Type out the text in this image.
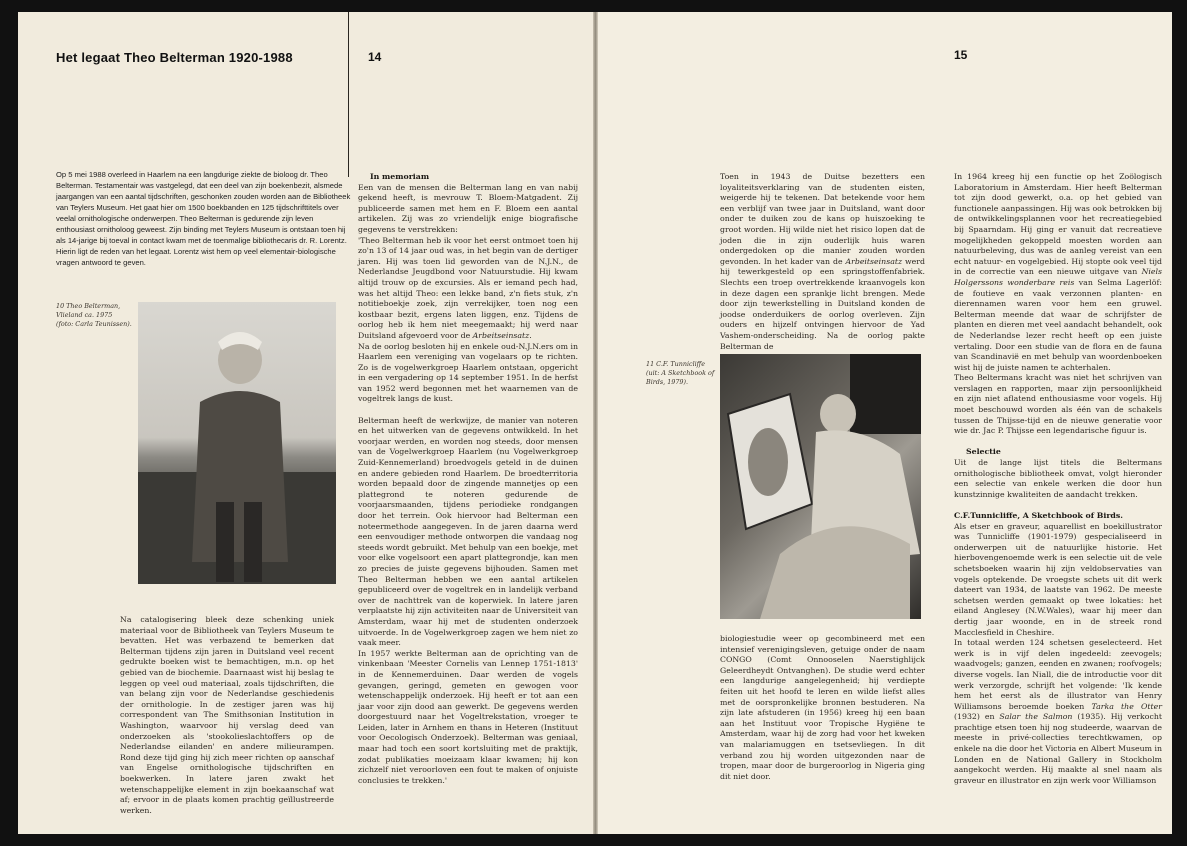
Het legaat Theo Belterman 1920-1988	14
Op 5 mei 1988 overleed in Haarlem na een langdurige ziekte de bioloog dr. Theo Belterman. Testamentair was vastgelegd, dat een deel van zijn boekenbezit, alsmede jaargangen van een aantal tijdschriften, geschonken zouden worden aan de Bibliotheek van Teylers Museum. Het gaat hier om 1500 boekbanden en 125 tijdschrifttitels over veelal ornithologische onderwerpen. Theo Belterman is gedurende zijn leven enthousiast ornitholoog geweest. Zijn binding met Teylers Museum is ontstaan toen hij als 14-jarige bij toeval in contact kwam met de toenmalige bibliothecaris dr. R. Lorentz. Hierin ligt de reden van het legaat. Lorentz wist hem op veel elementair-biologische vragen antwoord te geven.
10 Theo Belterman,
Vlieland ca. 1975
(foto: Carla Teunissen).
Na catalogisering bleek deze schenking uniek materiaal voor de Bibliotheek van Teylers Museum te bevatten. Het was verbazend te bemerken dat Belterman tijdens zijn jaren in Duitsland veel recent gedrukte boeken wist te bemachtigen, m.n. op het gebied van de biochemie. Daarnaast wist hij beslag te leggen op veel oud materiaal, zoals tijdschriften, die van belang zijn voor de Nederlandse geschiedenis der ornithologie. In de zestiger jaren was hij correspondent van The Smithsonian Institution in Washington, waarvoor hij verslag deed van onderzoeken als 'stookolieslachtoffers op de Nederlandse eilanden' en andere milieurampen. Rond deze tijd ging hij zich meer richten op aanschaf van Engelse ornithologische tijdschriften en boekwerken. In latere jaren zwakt het wetenschappelijke element in zijn boekaanschaf wat af; ervoor in de plaats komen prachtig geïllustreerde werken.

In memoriam

Een van de mensen die Belterman lang en van nabij gekend heeft, is mevrouw T. Bloem-Matgadent. Zij publiceerde samen met hem en F. Bloem een aantal artikelen. Zij was zo vriendelijk enige biografische gegevens te verstrekken:

'Theo Belterman heb ik voor het eerst ontmoet toen hij zo'n 13 of 14 jaar oud was, in het begin van de dertiger jaren. Hij was toen lid geworden van de N.J.N., de Nederlandse Jeugdbond voor Natuurstudie. Hij kwam altijd trouw op de excursies. Als er iemand pech had, was het altijd Theo: een lekke band, z'n fiets stuk, z'n notitieboekje zoek, zijn verrekijker, toen nog een kostbaar bezit, ergens laten liggen, enz. Tijdens de oorlog heb ik hem niet meegemaakt; hij werd naar Duitsland afgevoerd voor de Arbeitseinsatz.

Na de oorlog besloten hij en enkele oud-N.J.N.ers om in Haarlem een vereniging van vogelaars op te richten. Zo is de vogelwerkgroep Haarlem ontstaan, opgericht in een vergadering op 14 september 1951. In de herfst van 1952 werd begonnen met het waarnemen van de vogeltrek langs de kust.

Belterman heeft de werkwijze, de manier van noteren en het uitwerken van de gegevens ontwikkeld. In het voorjaar werden, en worden nog steeds, door mensen van de Vogelwerkgroep Haarlem (nu Vogelwerkgroep Zuid-Kennemerland) broedvogels geteld in de duinen en andere gebieden rond Haarlem. De broedterritoria worden bepaald door de zingende mannetjes op een plattegrond te noteren gedurende de voorjaarsmaanden, tijdens periodieke rondgangen door het terrein. Ook hiervoor had Belterman een noteermethode aangegeven. In de jaren daarna werd een eenvoudiger methode ontworpen die vandaag nog steeds wordt gebruikt. Met behulp van een boekje, met voor elke vogelsoort een apart plattegrondje, kan men zo precies de juiste gegevens bijhouden. Samen met Theo Belterman hebben we een aantal artikelen gepubliceerd over de vogeltrek en in landelijk verband over de nachttrek van de koperwiek. In latere jaren verplaatste hij zijn activiteiten naar de Universiteit van Amsterdam, waar hij met de studenten onderzoek uitvoerde. In de Vogelwerkgroep zagen we hem niet zo vaak meer.

In 1957 werkte Belterman aan de oprichting van de vinkenbaan 'Meester Cornelis van Lennep 1751-1813' in de Kennemerduinen. Daar werden de vogels gevangen, geringd, gemeten en gewogen voor wetenschappelijk onderzoek. Hij heeft er tot aan een jaar voor zijn dood aan gewerkt. De gegevens werden doorgestuurd naar het Vogeltrekstation, vroeger te Leiden, later in Arnhem en thans in Heteren (Instituut voor Oecologisch Onderzoek). Belterman was geniaal, maar had toch een soort kortsluiting met de praktijk, zodat publikaties moeizaam klaar kwamen; hij kon zichzelf niet veroorloven een fout te maken of onjuiste conclusies te trekken.'

15

Toen in 1943 de Duitse bezetters een loyaliteitsverklaring van de studenten eisten, weigerde hij te tekenen. Dat betekende voor hem een verblijf van twee jaar in Duitsland, want door onder te duiken zou de kans op huiszoeking te groot worden. Hij wilde niet het risico lopen dat de joden die in zijn ouderlijk huis waren ondergedoken op die manier zouden worden gevonden. In het kader van de Arbeitseinsatz werd hij tewerkgesteld op een springstoffenfabriek. Slechts een troep overtrekkende kraanvogels kon in deze dagen een sprankje licht brengen. Mede door zijn tewerkstelling in Duitsland konden de joodse onderduikers de oorlog overleven. Zijn ouders en hijzelf ontvingen hiervoor de Yad Vashem-onderscheiding. Na de oorlog pakte Belterman de

11 C.F. Tunnicliffe
(uit: A Sketchbook of
Birds, 1979).
biologiestudie weer op gecombineerd met een intensief verenigingsleven, getuige onder de naam CONGO (Comt Onnooselen Naerstighlijck Geleerdheydt Ontvanghen). De studie werd echter een langdurige aangelegenheid; hij verdiepte feiten uit het hoofd te leren en wilde liefst alles met de oorspronkelijke bronnen bestuderen. Na zijn late afstuderen (in 1956) kreeg hij een baan aan het Instituut voor Tropische Hygiëne te Amsterdam, waar hij de zorg had voor het kweken van malariamuggen en tsetsevliegen. In dit verband zou hij worden uitgezonden naar de tropen, maar door de burgeroorlog in Nigeria ging dit niet door.

In 1964 kreeg hij een functie op het Zoölogisch Laboratorium in Amsterdam. Hier heeft Belterman tot zijn dood gewerkt, o.a. op het gebied van functionele aanpassingen. Hij was ook betrokken bij de ontwikkelingsplannen voor het recreatiegebied bij Spaarndam. Hij ging er vanuit dat recreatieve mogelijkheden gekoppeld moesten worden aan natuurbeleving, dus was de aanleg vereist van een echt natuur- en vogelgebied. Hij stopte ook veel tijd in de correctie van een nieuwe uitgave van Niels Holgerssons wonderbare reis van Selma Lagerlöf: de foutieve en vaak verzonnen planten- en dierennamen waren voor hem een gruwel. Belterman meende dat waar de schrijfster de planten en dieren met veel aandacht behandelt, ook de Nederlandse lezer recht heeft op een juiste vertaling. Door een studie van de flora en de fauna van Scandinavië en met behulp van woordenboeken wist hij de juiste namen te achterhalen.

Theo Beltermans kracht was niet het schrijven van verslagen en rapporten, maar zijn persoonlijkheid en zijn niet aflatend enthousiasme voor vogels. Hij moet beschouwd worden als één van de schakels tussen de Thijsse-tijd en de nieuwe generatie voor wie dr. Jac P. Thijsse een legendarische figuur is.

Selectie

Uit de lange lijst titels die Beltermans ornithologische bibliotheek omvat, volgt hieronder een selectie van enkele werken die door hun kunstzinnige kwaliteiten de aandacht trekken.

C.F.Tunnicliffe, A Sketchbook of Birds.

Als etser en graveur, aquarellist en boekillustrator was Tunnicliffe (1901-1979) gespecialiseerd in onderwerpen uit de natuurlijke historie. Het hierbovengenoemde werk is een selectie uit de vele schetsboeken waarin hij zijn veldobservaties van vogels optekende. De vroegste schets uit dit werk dateert van 1934, de laatste van 1962. De meeste schetsen werden gemaakt op twee lokaties: het eiland Anglesey (N.W.Wales), waar hij meer dan dertig jaar woonde, en in de streek rond Macclesfield in Cheshire.

In totaal werden 124 schetsen geselecteerd. Het werk is in vijf delen ingedeeld: zeevogels; waadvogels; ganzen, eenden en zwanen; roofvogels; diverse vogels. Ian Niall, die de introductie voor dit werk verzorgde, schrijft het volgende: 'Ik kende hem het eerst als de illustrator van Henry Williamsons beroemde boeken Tarka the Otter (1932) en Salar the Salmon (1935). Hij verkocht prachtige etsen toen hij nog studeerde, waarvan de meeste in privé-collecties terechtkwamen, op enkele na die door het Victoria en Albert Museum in Londen en de National Gallery in Stockholm aangekocht werden. Hij maakte al snel naam als graveur en illustrator en zijn werk voor Williamson
